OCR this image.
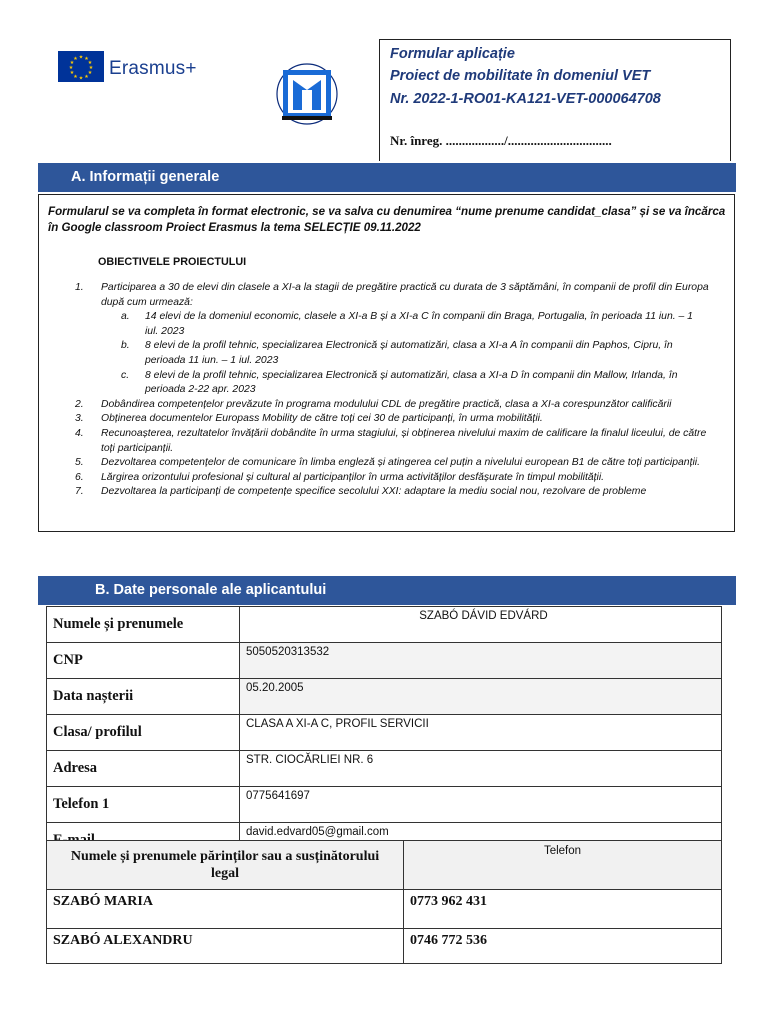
★ ★
★
★
★
★
★
★
★
★
★
★ Erasmus+
Formular aplicație
Proiect de mobilitate în domeniul VET
Nr. 2022-1-RO01-KA121-VET-000064708
Nr. înreg. ................../................................
A. Informații generale
Formularul se va completa în format electronic, se va salva cu denumirea “nume prenume candidat_clasa” și se va încărca în Google classroom Proiect Erasmus la tema SELECȚIE 09.11.2022
OBIECTIVELE PROIECTULUI
1. Participarea a 30 de elevi din clasele a XI-a la stagii de pregătire practică cu durata de 3 săptămâni, în companii de profil din Europa după cum urmează:
a. 14 elevi de la domeniul economic, clasele a XI-a B și a XI-a C în companii din Braga, Portugalia, în perioada 11 iun. – 1 iul. 2023
b. 8 elevi de la profil tehnic, specializarea Electronică și automatizări, clasa a XI-a A în companii din Paphos, Cipru, în perioada 11 iun. – 1 iul. 2023
c. 8 elevi de la profil tehnic, specializarea Electronică și automatizări, clasa a XI-a D în companii din Mallow, Irlanda, în perioada 2-22 apr. 2023
2. Dobândirea competențelor prevăzute în programa modulului CDL de pregătire practică, clasa a XI-a corespunzător calificării
3. Obținerea documentelor Europass Mobility de către toți cei 30 de participanți, în urma mobilității.
4. Recunoașterea, rezultatelor învățării dobândite în urma stagiului, și obținerea nivelului maxim de calificare la finalul liceului, de către toți participanții.
5. Dezvoltarea competențelor de comunicare în limba engleză și atingerea cel puțin a nivelului european B1 de către toți participanții.
6. Lărgirea orizontului profesional și cultural al participanților în urma activităților desfășurate în timpul mobilității.
7. Dezvoltarea la participanți de competențe specifice secolului XXI: adaptare la mediu social nou, rezolvare de probleme
B. Date personale ale aplicantului
Numele și prenumele	SZABÓ DÁVID EDVÁRD
CNP	5050520313532
Data nașterii	05.20.2005
Clasa/ profilul	CLASA A XI-A C, PROFIL SERVICII
Adresa	STR. CIOCĂRLIEI NR. 6
Telefon 1	0775641697
	david.edvard05@gmail.com
Numele și prenumele părinților sau a susținătorului legal	Telefon
SZABÓ MARIA	0773 962 431
SZABÓ ALEXANDRU	0746 772 536
